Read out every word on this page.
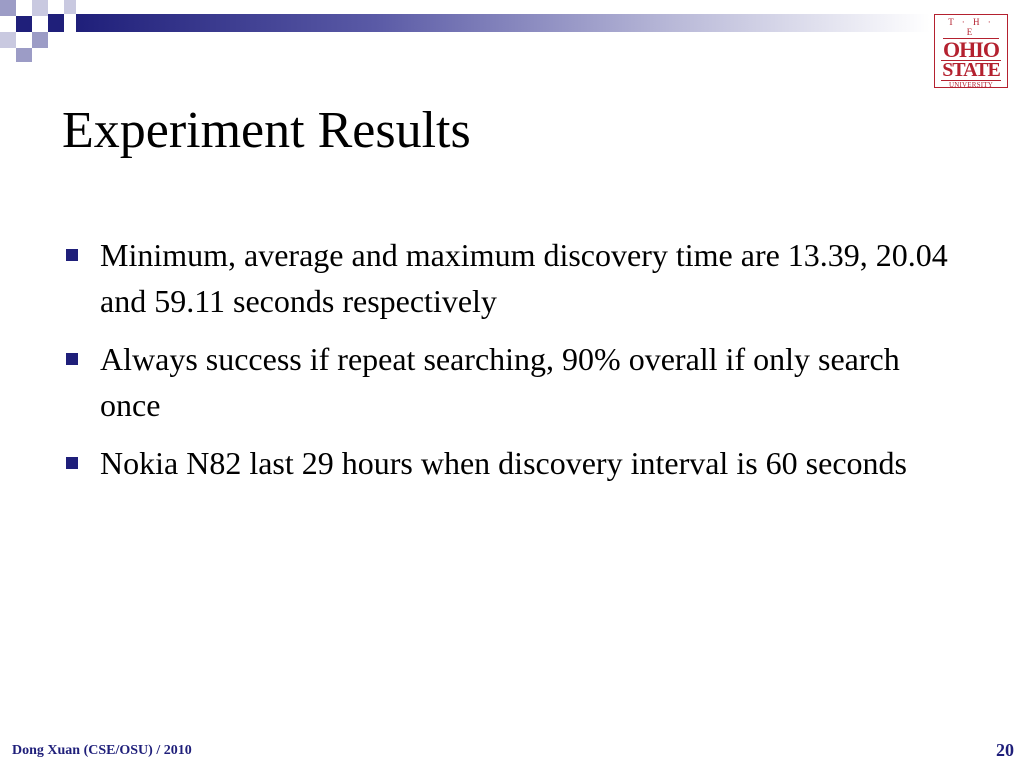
T · H · E
OHIO
STATE
UNIVERSITY
Experiment Results
Minimum, average and maximum discovery time are 13.39, 20.04 and 59.11 seconds respectively
Always success if repeat searching, 90% overall if only search once
Nokia N82 last 29 hours when discovery interval is 60 seconds
Dong Xuan (CSE/OSU) / 2010	20
